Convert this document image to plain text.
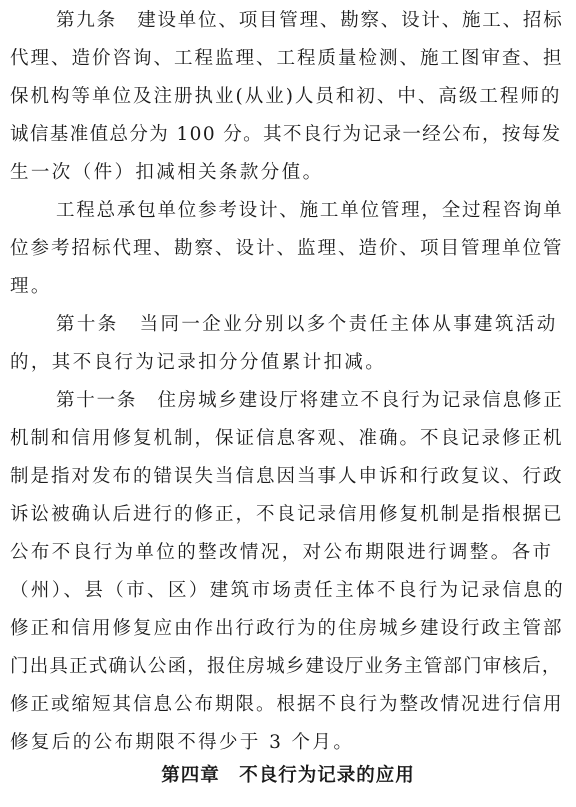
第九条　建设单位、项目管理、勘察、设计、施工、招标
代理、造价咨询、工程监理、工程质量检测、施工图审查、担
保机构等单位及注册执业(从业)人员和初、中、高级工程师的
诚信基准值总分为 100 分。其不良行为记录一经公布，按每发
生一次（件）扣减相关条款分值。
工程总承包单位参考设计、施工单位管理，全过程咨询单
位参考招标代理、勘察、设计、监理、造价、项目管理单位管
理。
第十条　当同一企业分别以多个责任主体从事建筑活动
的，其不良行为记录扣分分值累计扣减。
第十一条　住房城乡建设厅将建立不良行为记录信息修正
机制和信用修复机制，保证信息客观、准确。不良记录修正机
制是指对发布的错误失当信息因当事人申诉和行政复议、行政
诉讼被确认后进行的修正，不良记录信用修复机制是指根据已
公布不良行为单位的整改情况，对公布期限进行调整。各市
（州）、县（市、区）建筑市场责任主体不良行为记录信息的
修正和信用修复应由作出行政行为的住房城乡建设行政主管部
门出具正式确认公函，报住房城乡建设厅业务主管部门审核后，
修正或缩短其信息公布期限。根据不良行为整改情况进行信用
修复后的公布期限不得少于 3 个月。
第四章　不良行为记录的应用
